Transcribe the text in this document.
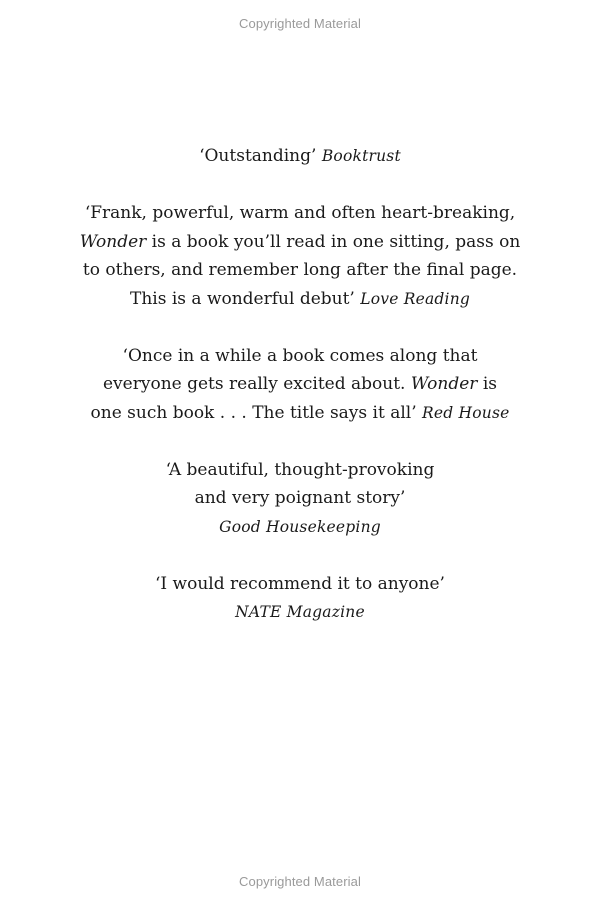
Copyrighted Material
‘Outstanding’ Booktrust
‘Frank, powerful, warm and often heart-breaking,
Wonder is a book you’ll read in one sitting, pass on
to others, and remember long after the final page.
This is a wonderful debut’ Love Reading
‘Once in a while a book comes along that
everyone gets really excited about. Wonder is
one such book . . . The title says it all’ Red House
‘A beautiful, thought-provoking
and very poignant story’
Good Housekeeping
‘I would recommend it to anyone’
NATE Magazine
Copyrighted Material
